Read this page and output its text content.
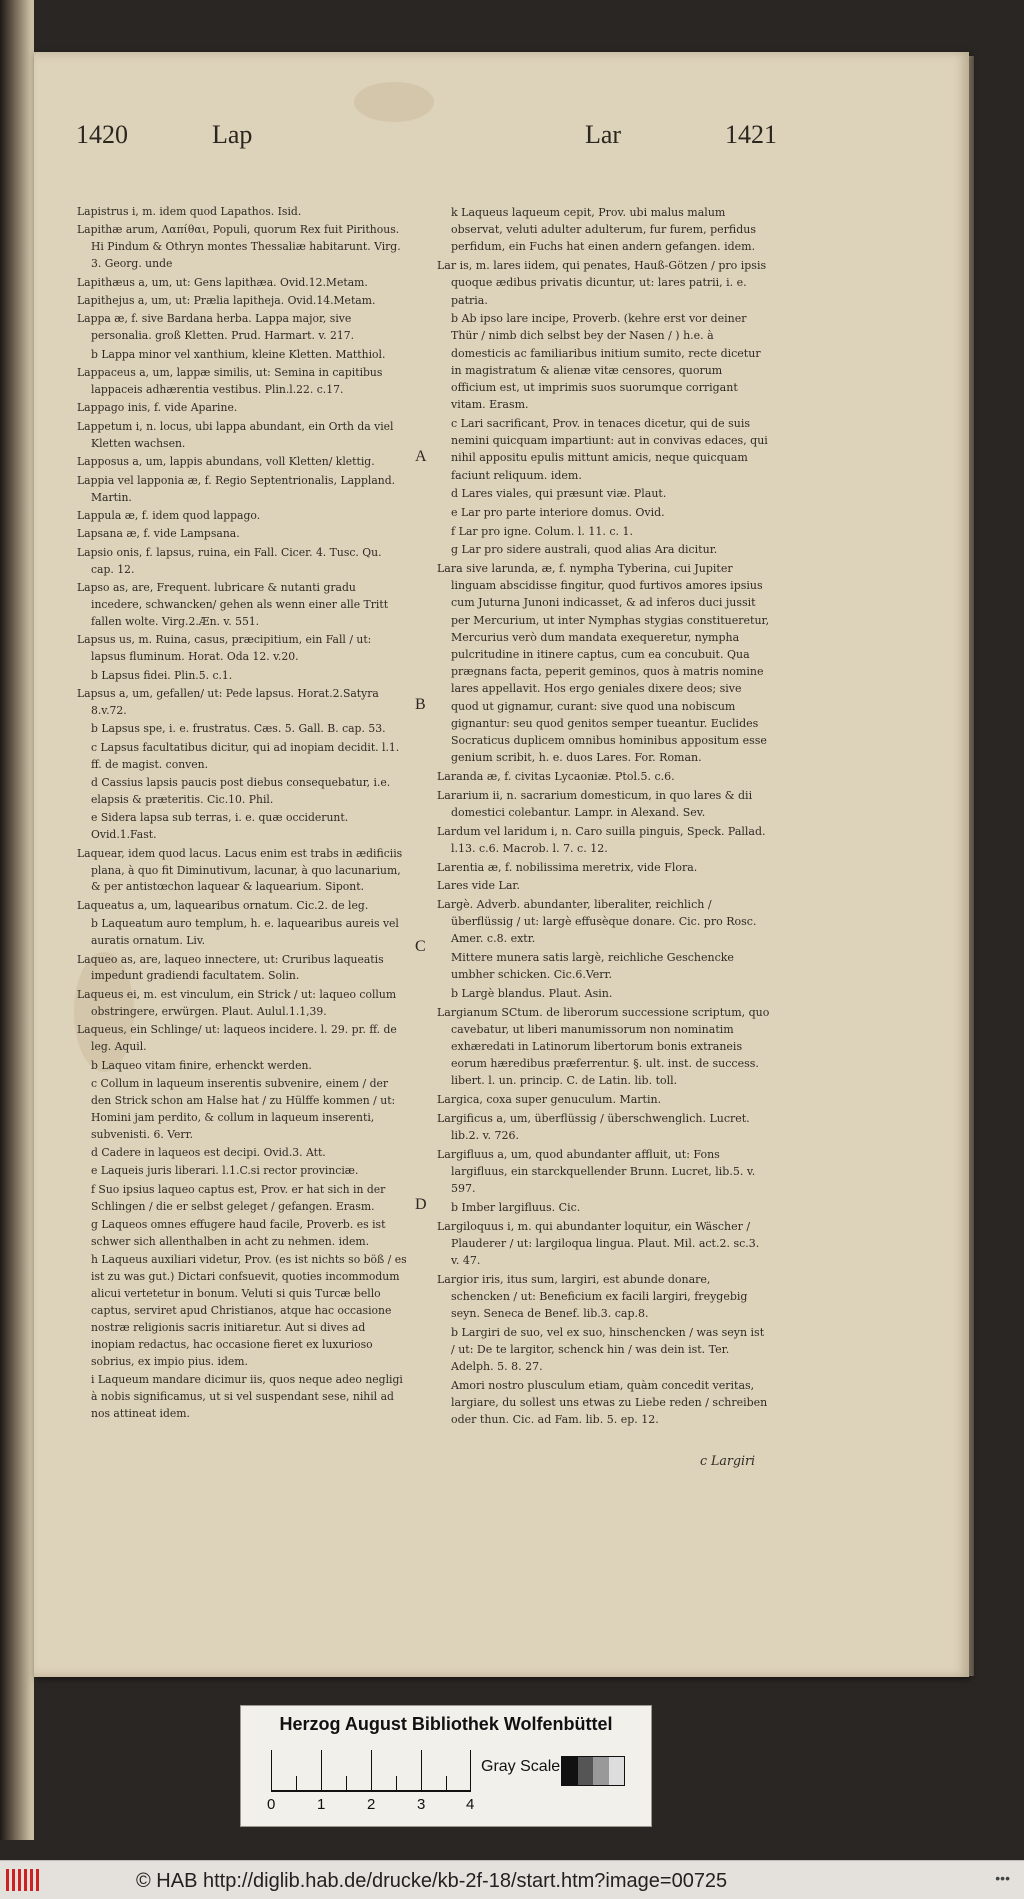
1420	Lap	Lar	1421

Lapistrus i, m. idem quod Lapathos. Isid.

Lapithæ arum, Λαπίθαι, Populi, quorum Rex fuit Pirithous. Hi Pindum & Othryn montes Thessaliæ habitarunt. Virg. 3. Georg. unde

Lapithæus a, um, ut: Gens lapithæa. Ovid.12.Metam.

Lapithejus a, um, ut: Prælia lapitheja. Ovid.14.Metam.

Lappa æ, f. sive Bardana herba. Lappa major, sive personalia. groß Kletten. Prud. Harmart. v. 217.

b Lappa minor vel xanthium, kleine Kletten. Matthiol.

Lappaceus a, um, lappæ similis, ut: Semina in capitibus lappaceis adhærentia vestibus. Plin.l.22. c.17.

Lappago inis, f. vide Aparine.

Lappetum i, n. locus, ubi lappa abundant, ein Orth da viel Kletten wachsen.

Lapposus a, um, lappis abundans, voll Kletten/ klettig.

Lappia vel lapponia æ, f. Regio Septentrionalis, Lappland. Martin.

Lappula æ, f. idem quod lappago.

Lapsana æ, f. vide Lampsana.

Lapsio onis, f. lapsus, ruina, ein Fall. Cicer. 4. Tusc. Qu. cap. 12.

Lapso as, are, Frequent. lubricare & nutanti gradu incedere, schwancken/ gehen als wenn einer alle Tritt fallen wolte. Virg.2.Æn. v. 551.

Lapsus us, m. Ruina, casus, præcipitium, ein Fall / ut: lapsus fluminum. Horat. Oda 12. v.20.

b Lapsus fidei. Plin.5. c.1.

Lapsus a, um, gefallen/ ut: Pede lapsus. Horat.2.Satyra 8.v.72.

b Lapsus spe, i. e. frustratus. Cæs. 5. Gall. B. cap. 53.

c Lapsus facultatibus dicitur, qui ad inopiam decidit. l.1. ff. de magist. conven.

d Cassius lapsis paucis post diebus consequebatur, i.e. elapsis & præteritis. Cic.10. Phil.

e Sidera lapsa sub terras, i. e. quæ occiderunt. Ovid.1.Fast.

Laquear, idem quod lacus. Lacus enim est trabs in ædificiis plana, à quo fit Diminutivum, lacunar, à quo lacunarium, & per antistœchon laquear & laquearium. Sipont.

Laqueatus a, um, laquearibus ornatum. Cic.2. de leg.

b Laqueatum auro templum, h. e. laquearibus aureis vel auratis ornatum. Liv.

Laqueo as, are, laqueo innectere, ut: Cruribus laqueatis impedunt gradiendi facultatem. Solin.

Laqueus ei, m. est vinculum, ein Strick / ut: laqueo collum obstringere, erwürgen. Plaut. Aulul.1.1,39.

Laqueus, ein Schlinge/ ut: laqueos incidere. l. 29. pr. ff. de leg. Aquil.

b Laqueo vitam finire, erhenckt werden.

c Collum in laqueum inserentis subvenire, einem / der den Strick schon am Halse hat / zu Hülffe kommen / ut: Homini jam perdito, & collum in laqueum inserenti, subvenisti. 6. Verr.

d Cadere in laqueos est decipi. Ovid.3. Att.

e Laqueis juris liberari. l.1.C.si rector provinciæ.

f Suo ipsius laqueo captus est, Prov. er hat sich in der Schlingen / die er selbst geleget / gefangen. Erasm.

g Laqueos omnes effugere haud facile, Proverb. es ist schwer sich allenthalben in acht zu nehmen. idem.

h Laqueus auxiliari videtur, Prov. (es ist nichts so böß / es ist zu was gut.) Dictari confsuevit, quoties incommodum alicui vertetetur in bonum. Veluti si quis Turcæ bello captus, serviret apud Christianos, atque hac occasione nostræ religionis sacris initiaretur. Aut si dives ad inopiam redactus, hac occasione fieret ex luxurioso sobrius, ex impio pius. idem.

i Laqueum mandare dicimur iis, quos neque adeo negligi à nobis significamus, ut si vel suspendant sese, nihil ad nos attineat idem.

k Laqueus laqueum cepit, Prov. ubi malus malum observat, veluti adulter adulterum, fur furem, perfidus perfidum, ein Fuchs hat einen andern gefangen. idem.

Lar is, m. lares iidem, qui penates, Hauß-Götzen / pro ipsis quoque ædibus privatis dicuntur, ut: lares patrii, i. e. patria.

b Ab ipso lare incipe, Proverb. (kehre erst vor deiner Thür / nimb dich selbst bey der Nasen / ) h.e. à domesticis ac familiaribus initium sumito, recte dicetur in magistratum & alienæ vitæ censores, quorum officium est, ut imprimis suos suorumque corrigant vitam. Erasm.

c Lari sacrificant, Prov. in tenaces dicetur, qui de suis nemini quicquam impartiunt: aut in convivas edaces, qui nihil appositu epulis mittunt amicis, neque quicquam faciunt reliquum. idem.

d Lares viales, qui præsunt viæ. Plaut.

e Lar pro parte interiore domus. Ovid.

f Lar pro igne. Colum. l. 11. c. 1.

g Lar pro sidere australi, quod alias Ara dicitur.

Lara sive larunda, æ, f. nympha Tyberina, cui Jupiter linguam abscidisse fingitur, quod furtivos amores ipsius cum Juturna Junoni indicasset, & ad inferos duci jussit per Mercurium, ut inter Nymphas stygias constitueretur, Mercurius verò dum mandata exequeretur, nympha pulcritudine in itinere captus, cum ea concubuit. Qua prægnans facta, peperit geminos, quos à matris nomine lares appellavit. Hos ergo geniales dixere deos; sive quod ut gignamur, curant: sive quod una nobiscum gignantur: seu quod genitos semper tueantur. Euclides Socraticus duplicem omnibus hominibus appositum esse genium scribit, h. e. duos Lares. For. Roman.

Laranda æ, f. civitas Lycaoniæ. Ptol.5. c.6.

Lararium ii, n. sacrarium domesticum, in quo lares & dii domestici colebantur. Lampr. in Alexand. Sev.

Lardum vel laridum i, n. Caro suilla pinguis, Speck. Pallad. l.13. c.6. Macrob. l. 7. c. 12.

Larentia æ, f. nobilissima meretrix, vide Flora.

Lares vide Lar.

Largè. Adverb. abundanter, liberaliter, reichlich / überflüssig / ut: largè effusèque donare. Cic. pro Rosc. Amer. c.8. extr.

Mittere munera satis largè, reichliche Geschencke umbher schicken. Cic.6.Verr.

b Largè blandus. Plaut. Asin.

Largianum SCtum. de liberorum successione scriptum, quo cavebatur, ut liberi manumissorum non nominatim exhæredati in Latinorum libertorum bonis extraneis eorum hæredibus præferrentur. §. ult. inst. de success. libert. l. un. princip. C. de Latin. lib. toll.

Largica, coxa super genuculum. Martin.

Largificus a, um, überflüssig / überschwenglich. Lucret. lib.2. v. 726.

Largifluus a, um, quod abundanter affluit, ut: Fons largifluus, ein starckquellender Brunn. Lucret, lib.5. v. 597.

b Imber largifluus. Cic.

Largiloquus i, m. qui abundanter loquitur, ein Wäscher / Plauderer / ut: largiloqua lingua. Plaut. Mil. act.2. sc.3. v. 47.

Largior iris, itus sum, largiri, est abunde donare, schencken / ut: Beneficium ex facili largiri, freygebig seyn. Seneca de Benef. lib.3. cap.8.

b Largiri de suo, vel ex suo, hinschencken / was seyn ist / ut: De te largitor, schenck hin / was dein ist. Ter. Adelph. 5. 8. 27.

Amori nostro plusculum etiam, quàm concedit veritas, largiare, du sollest uns etwas zu Liebe reden / schreiben oder thun. Cic. ad Fam. lib. 5. ep. 12.

A
B
C
D
c Largiri
Herzog August Bibliothek Wolfenbüttel
0	1	2	3	4
Gray Scale
© HAB http://diglib.hab.de/drucke/kb-2f-18/start.htm?image=00725	•••
